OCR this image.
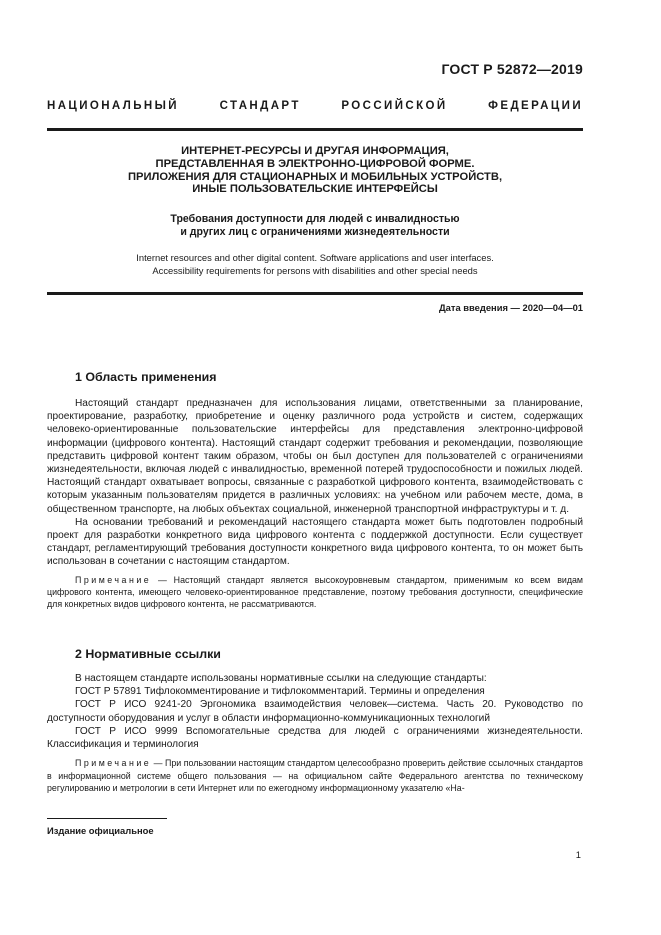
ГОСТ Р 52872—2019
НАЦИОНАЛЬНЫЙ СТАНДАРТ РОССИЙСКОЙ ФЕДЕРАЦИИ
ИНТЕРНЕТ-РЕСУРСЫ И ДРУГАЯ ИНФОРМАЦИЯ,
ПРЕДСТАВЛЕННАЯ В ЭЛЕКТРОННО-ЦИФРОВОЙ ФОРМЕ.
ПРИЛОЖЕНИЯ ДЛЯ СТАЦИОНАРНЫХ И МОБИЛЬНЫХ УСТРОЙСТВ,
ИНЫЕ ПОЛЬЗОВАТЕЛЬСКИЕ ИНТЕРФЕЙСЫ
Требования доступности для людей с инвалидностью
и других лиц с ограничениями жизнедеятельности
Internet resources and other digital content. Software applications and user interfaces.
Accessibility requirements for persons with disabilities and other special needs
Дата введения — 2020—04—01
1 Область применения

Настоящий стандарт предназначен для использования лицами, ответственными за планирование, проектирование, разработку, приобретение и оценку различного рода устройств и систем, содержащих человеко-ориентированные пользовательские интерфейсы для представления электронно-цифровой информации (цифрового контента). Настоящий стандарт содержит требования и рекомендации, позволяющие представить цифровой контент таким образом, чтобы он был доступен для пользователей с ограничениями жизнедеятельности, включая людей с инвалидностью, временной потерей трудоспособности и пожилых людей. Настоящий стандарт охватывает вопросы, связанные с разработкой цифрового контента, взаимодействовать с которым указанным пользователям придется в различных условиях: на учебном или рабочем месте, дома, в общественном транспорте, на любых объектах социальной, инженерной транспортной инфраструктуры и т. д.

На основании требований и рекомендаций настоящего стандарта может быть подготовлен подробный проект для разработки конкретного вида цифрового контента с поддержкой доступности. Если существует стандарт, регламентирующий требования доступности конкретного вида цифрового контента, то он может быть использован в сочетании с настоящим стандартом.

Примечание — Настоящий стандарт является высокоуровневым стандартом, применимым ко всем видам цифрового контента, имеющего человеко-ориентированное представление, поэтому требования доступности, специфические для конкретных видов цифрового контента, не рассматриваются.

2 Нормативные ссылки

В настоящем стандарте использованы нормативные ссылки на следующие стандарты:

ГОСТ Р 57891 Тифлокомментирование и тифлокомментарий. Термины и определения

ГОСТ Р ИСО 9241-20 Эргономика взаимодействия человек—система. Часть 20. Руководство по доступности оборудования и услуг в области информационно-коммуникационных технологий

ГОСТ Р ИСО 9999 Вспомогательные средства для людей с ограничениями жизнедеятельности. Классификация и терминология

Примечание — При пользовании настоящим стандартом целесообразно проверить действие ссылочных стандартов в информационной системе общего пользования — на официальном сайте Федерального агентства по техническому регулированию и метрологии в сети Интернет или по ежегодному информационному указателю «На-

Издание официальное
1
